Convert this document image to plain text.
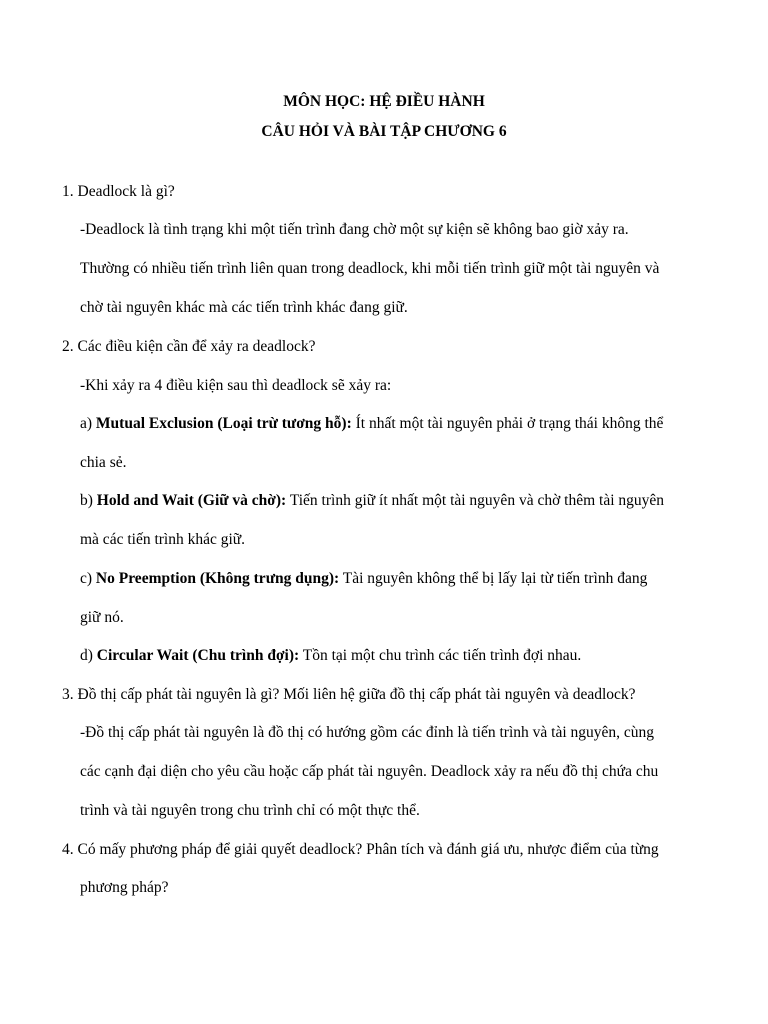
MÔN HỌC: HỆ ĐIỀU HÀNH
CÂU HỎI VÀ BÀI TẬP CHƯƠNG 6
1. Deadlock là gì?
-Deadlock là tình trạng khi một tiến trình đang chờ một sự kiện sẽ không bao giờ xảy ra.
Thường có nhiều tiến trình liên quan trong deadlock, khi mỗi tiến trình giữ một tài nguyên và
chờ tài nguyên khác mà các tiến trình khác đang giữ.
2. Các điều kiện cần để xảy ra deadlock?
-Khi xảy ra 4 điều kiện sau thì deadlock sẽ xảy ra:
a) Mutual Exclusion (Loại trừ tương hỗ): Ít nhất một tài nguyên phải ở trạng thái không thể
chia sẻ.
b) Hold and Wait (Giữ và chờ): Tiến trình giữ ít nhất một tài nguyên và chờ thêm tài nguyên
mà các tiến trình khác giữ.
c) No Preemption (Không trưng dụng): Tài nguyên không thể bị lấy lại từ tiến trình đang
giữ nó.
d) Circular Wait (Chu trình đợi): Tồn tại một chu trình các tiến trình đợi nhau.
3. Đồ thị cấp phát tài nguyên là gì? Mối liên hệ giữa đồ thị cấp phát tài nguyên và deadlock?
-Đồ thị cấp phát tài nguyên là đồ thị có hướng gồm các đỉnh là tiến trình và tài nguyên, cùng
các cạnh đại diện cho yêu cầu hoặc cấp phát tài nguyên. Deadlock xảy ra nếu đồ thị chứa chu
trình và tài nguyên trong chu trình chỉ có một thực thể.
4. Có mấy phương pháp để giải quyết deadlock? Phân tích và đánh giá ưu, nhược điểm của từng
phương pháp?
